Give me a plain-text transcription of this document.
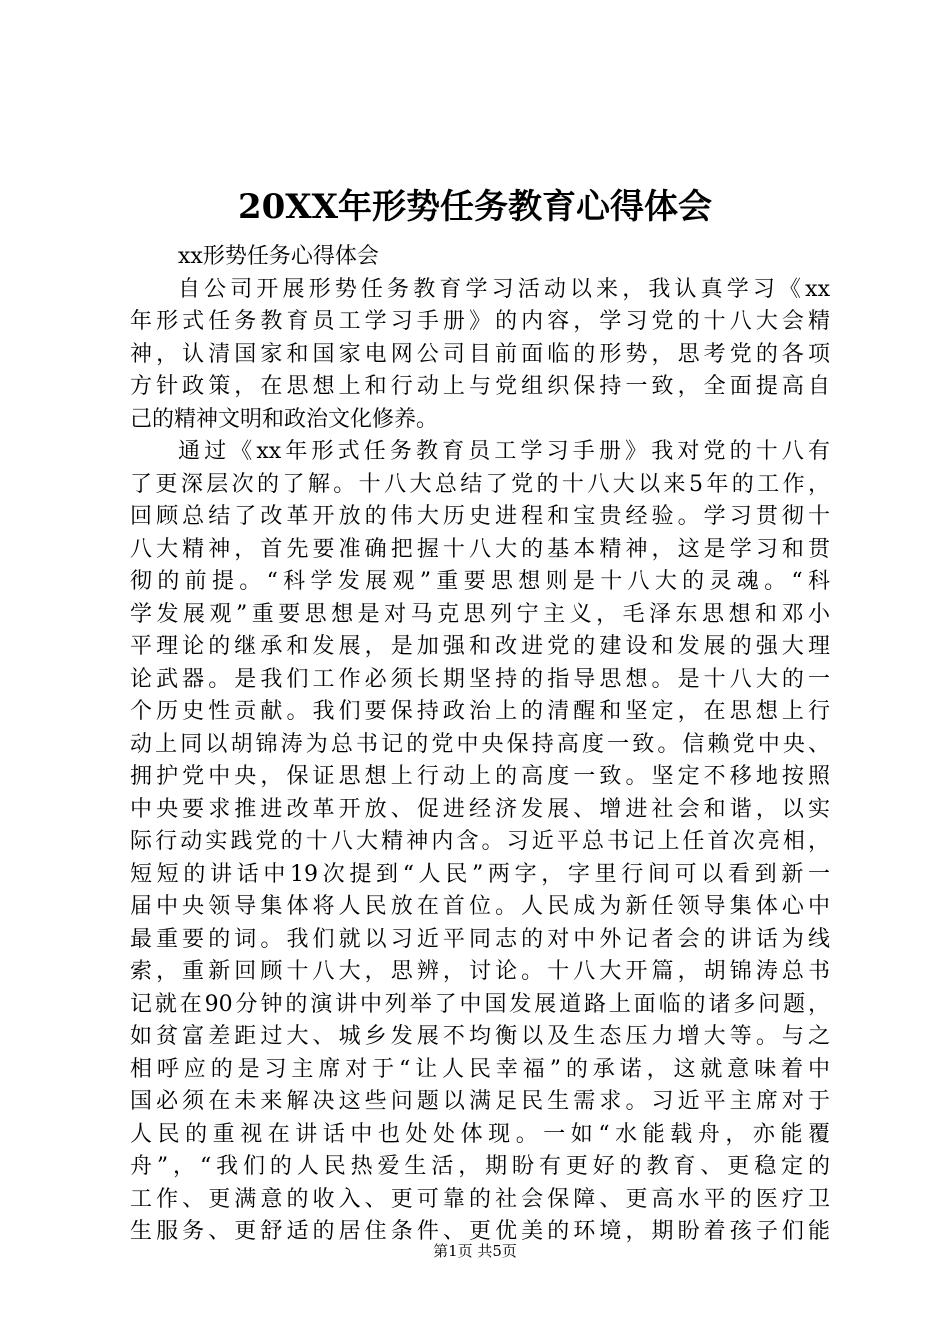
20XX年形势任务教育心得体会
xx形势任务心得体会
自公司开展形势任务教育学习活动以来，我认真学习《xx
年形式任务教育员工学习手册》的内容，学习党的十八大会精
神，认清国家和国家电网公司目前面临的形势，思考党的各项
方针政策，在思想上和行动上与党组织保持一致，全面提高自
己的精神文明和政治文化修养。
通过《xx年形式任务教育员工学习手册》我对党的十八有
了更深层次的了解。十八大总结了党的十八大以来5年的工作，
回顾总结了改革开放的伟大历史进程和宝贵经验。学习贯彻十
八大精神，首先要准确把握十八大的基本精神，这是学习和贯
彻的前提。“科学发展观”重要思想则是十八大的灵魂。“科
学发展观”重要思想是对马克思列宁主义，毛泽东思想和邓小
平理论的继承和发展，是加强和改进党的建设和发展的强大理
论武器。是我们工作必须长期坚持的指导思想。是十八大的一
个历史性贡献。我们要保持政治上的清醒和坚定，在思想上行
动上同以胡锦涛为总书记的党中央保持高度一致。信赖党中央、
拥护党中央，保证思想上行动上的高度一致。坚定不移地按照
中央要求推进改革开放、促进经济发展、增进社会和谐，以实
际行动实践党的十八大精神内含。习近平总书记上任首次亮相，
短短的讲话中19次提到“人民”两字，字里行间可以看到新一
届中央领导集体将人民放在首位。人民成为新任领导集体心中
最重要的词。我们就以习近平同志的对中外记者会的讲话为线
索，重新回顾十八大，思辨，讨论。十八大开篇，胡锦涛总书
记就在90分钟的演讲中列举了中国发展道路上面临的诸多问题，
如贫富差距过大、城乡发展不均衡以及生态压力增大等。与之
相呼应的是习主席对于“让人民幸福”的承诺，这就意味着中
国必须在未来解决这些问题以满足民生需求。习近平主席对于
人民的重视在讲话中也处处体现。一如“水能载舟，亦能覆
舟”，“我们的人民热爱生活，期盼有更好的教育、更稳定的
工作、更满意的收入、更可靠的社会保障、更高水平的医疗卫
生服务、更舒适的居住条件、更优美的环境，期盼着孩子们能
第1页 共5页
